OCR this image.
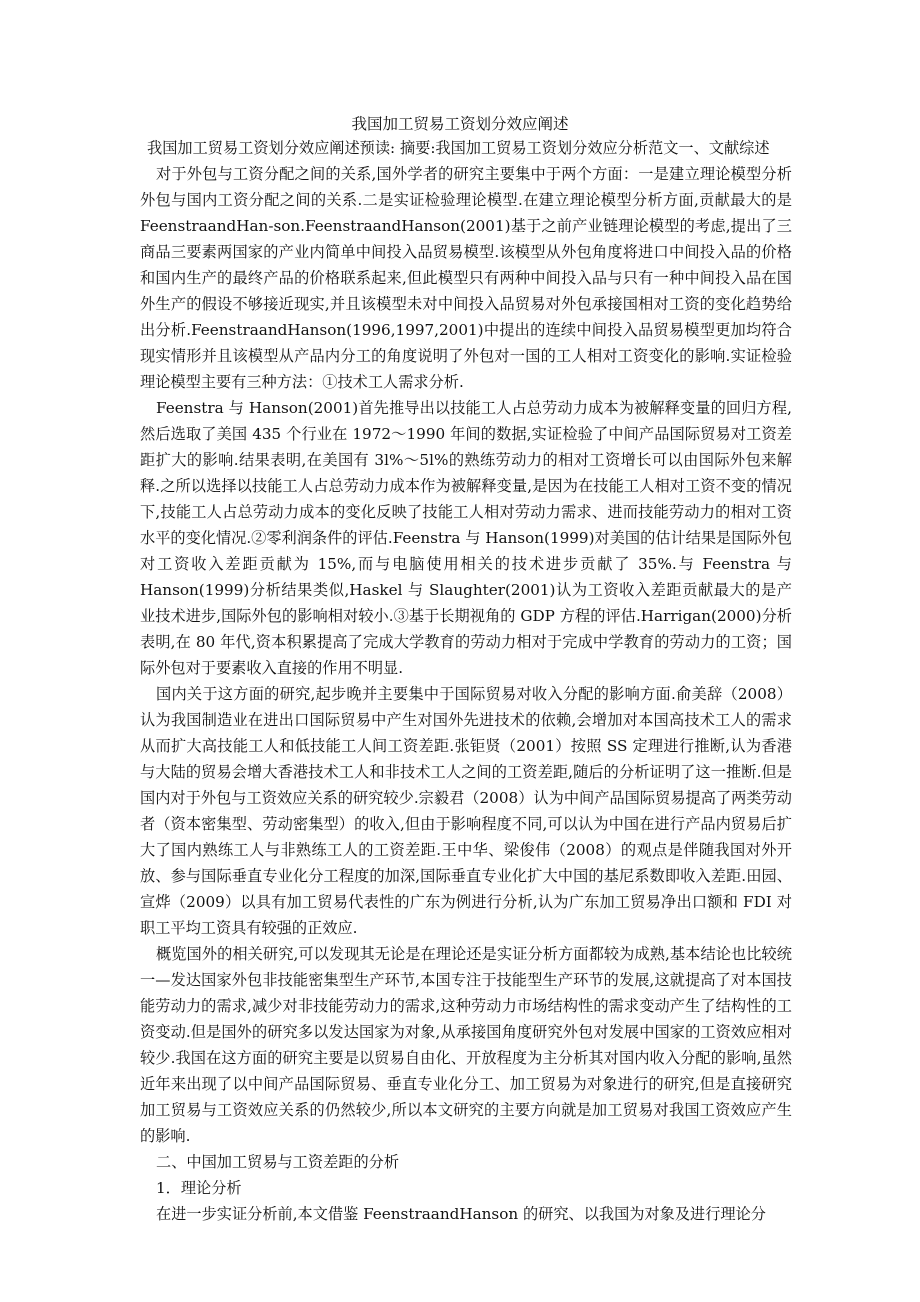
我国加工贸易工资划分效应阐述

我国加工贸易工资划分效应阐述预读: 摘要:我国加工贸易工资划分效应分析范文一、文献综述

对于外包与工资分配之间的关系,国外学者的研究主要集中于两个方面：一是建立理论模型分析外包与国内工资分配之间的关系.二是实证检验理论模型.在建立理论模型分析方面,贡献最大的是 FeenstraandHan-son.FeenstraandHanson(2001)基于之前产业链理论模型的考虑,提出了三商品三要素两国家的产业内简单中间投入品贸易模型.该模型从外包角度将进口中间投入品的价格和国内生产的最终产品的价格联系起来,但此模型只有两种中间投入品与只有一种中间投入品在国外生产的假设不够接近现实,并且该模型未对中间投入品贸易对外包承接国相对工资的变化趋势给出分析.FeenstraandHanson(1996,1997,2001)中提出的连续中间投入品贸易模型更加均符合现实情形并且该模型从产品内分工的角度说明了外包对一国的工人相对工资变化的影响.实证检验理论模型主要有三种方法：①技术工人需求分析.

Feenstra 与 Hanson(2001)首先推导出以技能工人占总劳动力成本为被解释变量的回归方程,然后选取了美国 435 个行业在 1972～1990 年间的数据,实证检验了中间产品国际贸易对工资差距扩大的影响.结果表明,在美国有 3l%～5l%的熟练劳动力的相对工资增长可以由国际外包来解释.之所以选择以技能工人占总劳动力成本作为被解释变量,是因为在技能工人相对工资不变的情况下,技能工人占总劳动力成本的变化反映了技能工人相对劳动力需求、进而技能劳动力的相对工资水平的变化情况.②零利润条件的评估.Feenstra 与 Hanson(1999)对美国的估计结果是国际外包对工资收入差距贡献为 15%,而与电脑使用相关的技术进步贡献了 35%.与 Feenstra 与 Hanson(1999)分析结果类似,Haskel 与 Slaughter(2001)认为工资收入差距贡献最大的是产业技术进步,国际外包的影响相对较小.③基于长期视角的 GDP 方程的评估.Harrigan(2000)分析表明,在 80 年代,资本积累提高了完成大学教育的劳动力相对于完成中学教育的劳动力的工资；国际外包对于要素收入直接的作用不明显.

国内关于这方面的研究,起步晚并主要集中于国际贸易对收入分配的影响方面.俞美辞（2008）认为我国制造业在进出口国际贸易中产生对国外先进技术的依赖,会增加对本国高技术工人的需求从而扩大高技能工人和低技能工人间工资差距.张钜贤（2001）按照 SS 定理进行推断,认为香港与大陆的贸易会增大香港技术工人和非技术工人之间的工资差距,随后的分析证明了这一推断.但是国内对于外包与工资效应关系的研究较少.宗毅君（2008）认为中间产品国际贸易提高了两类劳动者（资本密集型、劳动密集型）的收入,但由于影响程度不同,可以认为中国在进行产品内贸易后扩大了国内熟练工人与非熟练工人的工资差距.王中华、梁俊伟（2008）的观点是伴随我国对外开放、参与国际垂直专业化分工程度的加深,国际垂直专业化扩大中国的基尼系数即收入差距.田园、宣烨（2009）以具有加工贸易代表性的广东为例进行分析,认为广东加工贸易净出口额和 FDI 对职工平均工资具有较强的正效应.

概览国外的相关研究,可以发现其无论是在理论还是实证分析方面都较为成熟,基本结论也比较统一—发达国家外包非技能密集型生产环节,本国专注于技能型生产环节的发展,这就提高了对本国技能劳动力的需求,减少对非技能劳动力的需求,这种劳动力市场结构性的需求变动产生了结构性的工资变动.但是国外的研究多以发达国家为对象,从承接国角度研究外包对发展中国家的工资效应相对较少.我国在这方面的研究主要是以贸易自由化、开放程度为主分析其对国内收入分配的影响,虽然近年来出现了以中间产品国际贸易、垂直专业化分工、加工贸易为对象进行的研究,但是直接研究加工贸易与工资效应关系的仍然较少,所以本文研究的主要方向就是加工贸易对我国工资效应产生的影响.

二、中国加工贸易与工资差距的分析

1．理论分析

在进一步实证分析前,本文借鉴 FeenstraandHanson 的研究、以我国为对象及进行理论分
